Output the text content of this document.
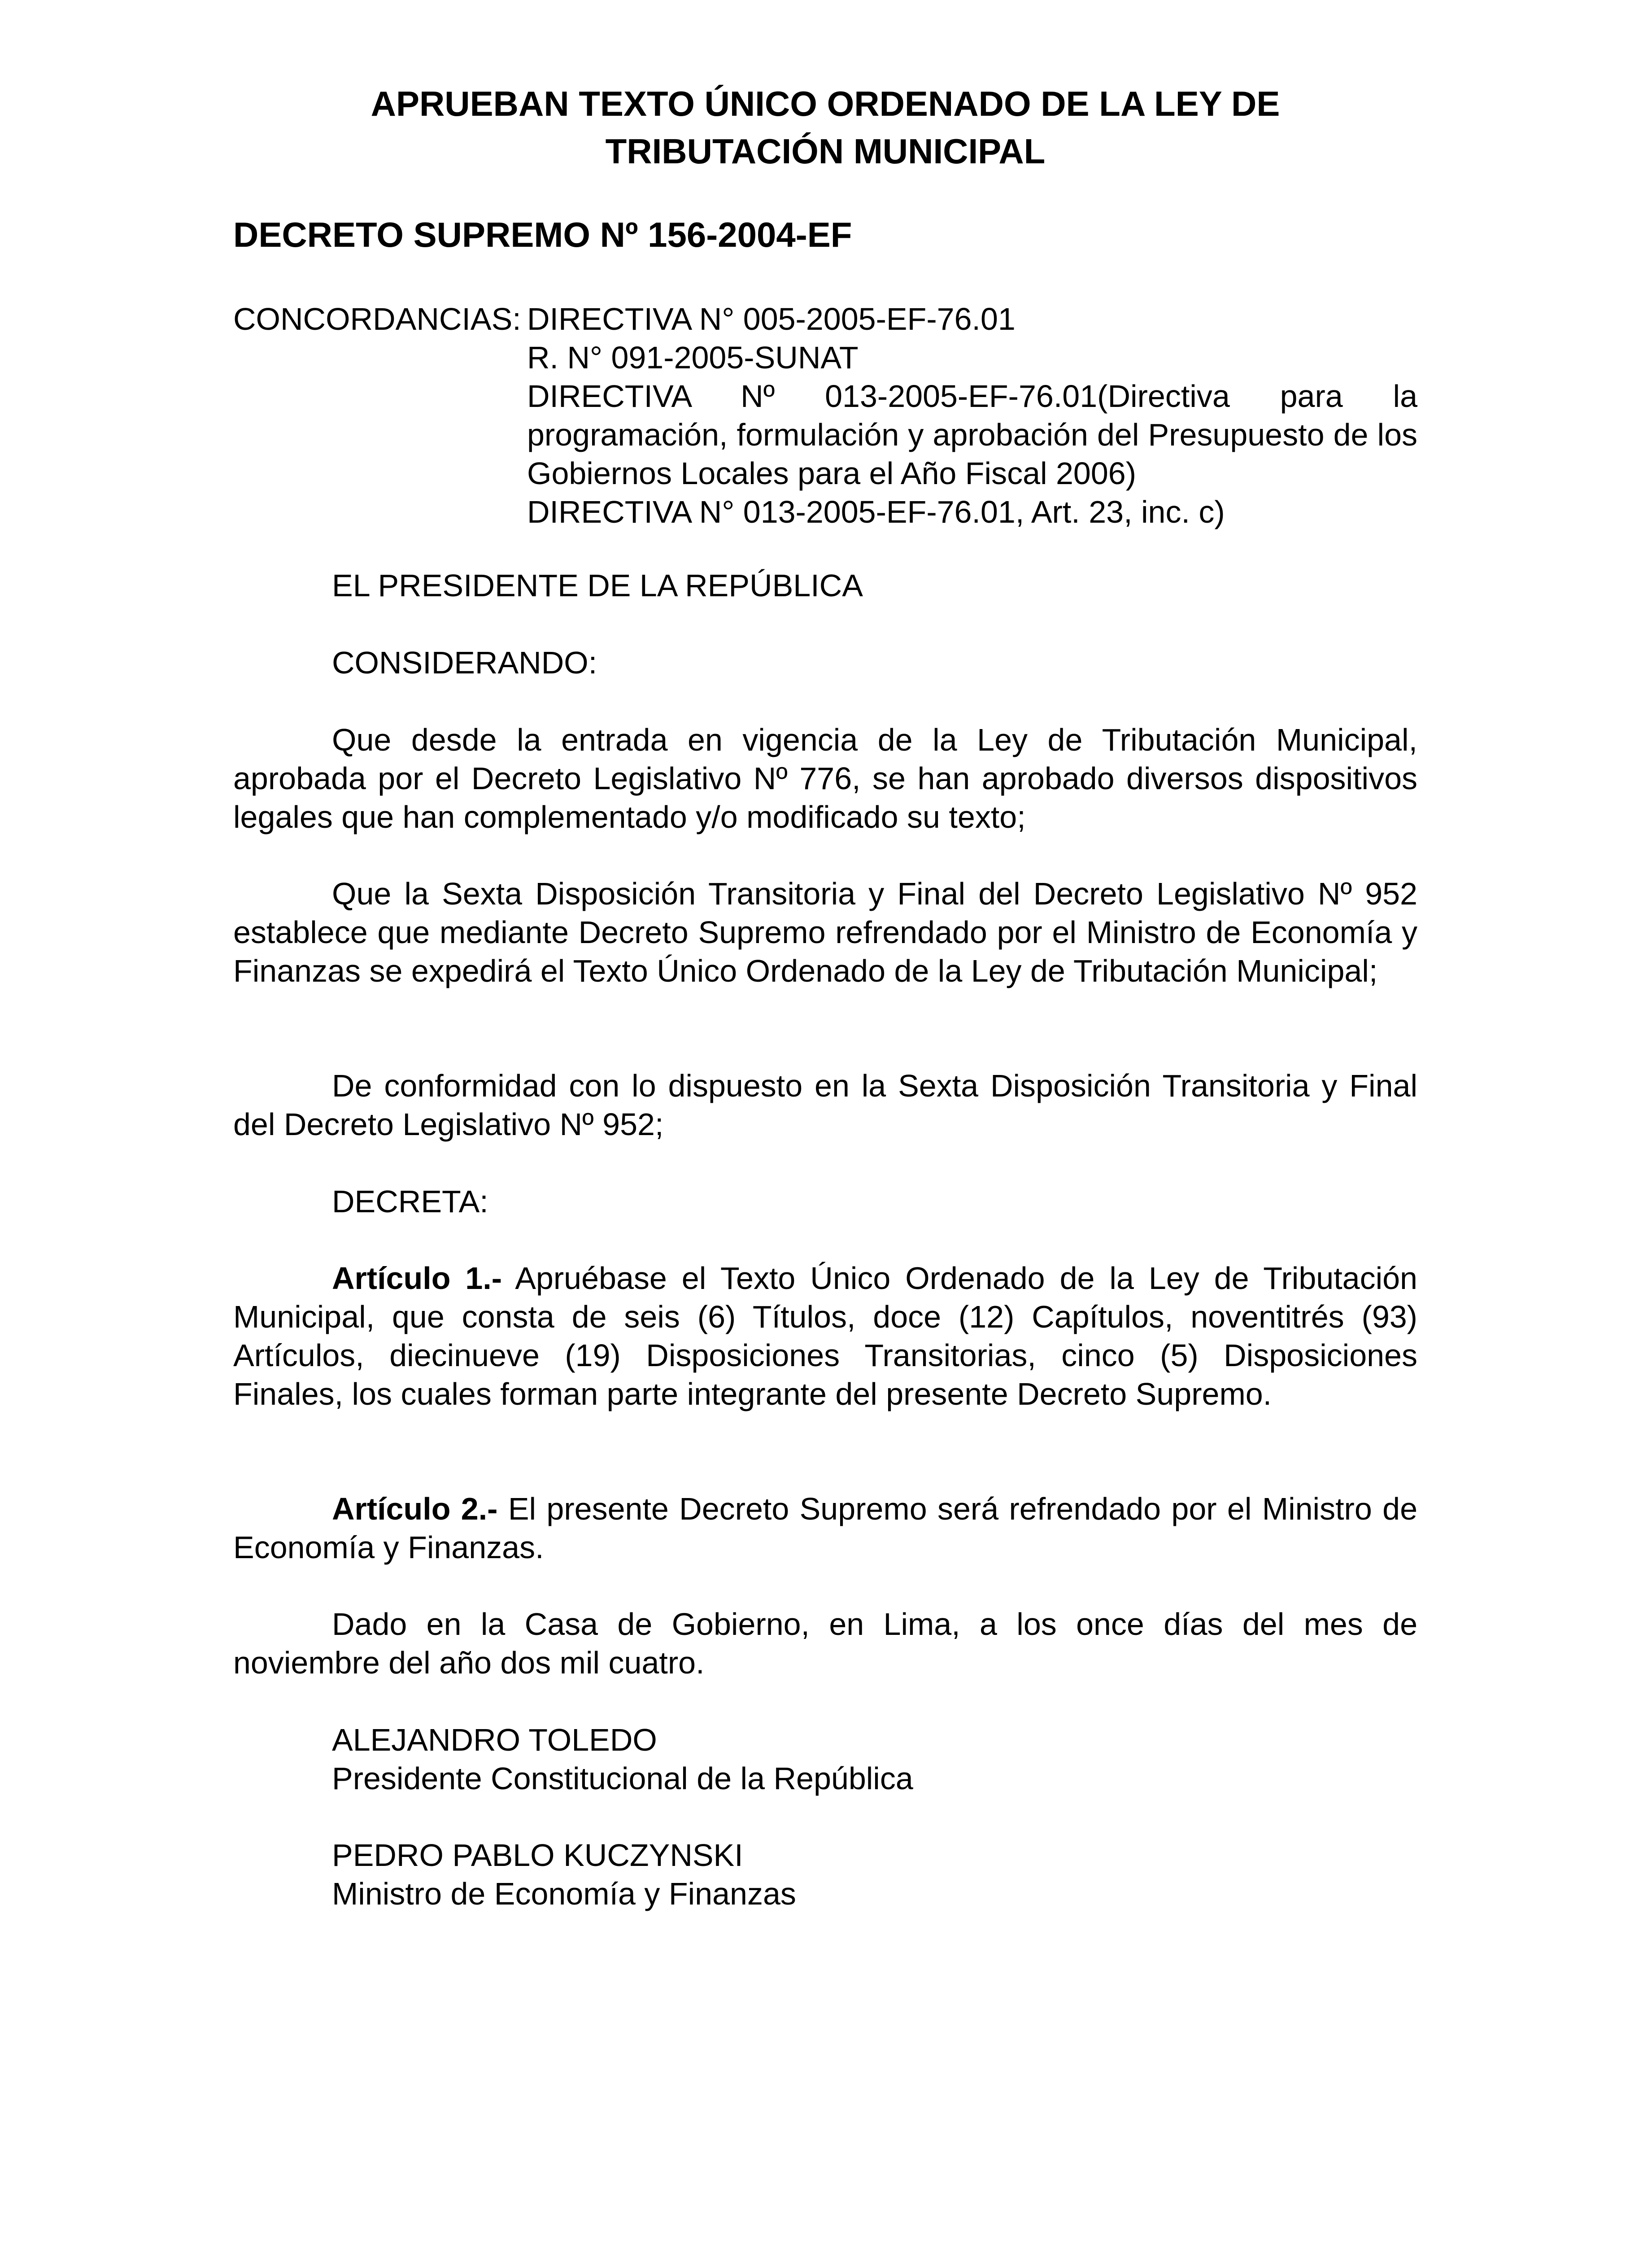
APRUEBAN TEXTO ÚNICO ORDENADO DE LA LEY DE
TRIBUTACIÓN MUNICIPAL
DECRETO SUPREMO Nº 156-2004-EF
CONCORDANCIAS: DIRECTIVA N° 005-2005-EF-76.01

R. N° 091-2005-SUNAT

DIRECTIVA Nº 013-2005-EF-76.01(Directiva para la programación, formulación y aprobación del Presupuesto de los Gobiernos Locales para el Año Fiscal 2006)

DIRECTIVA N° 013-2005-EF-76.01, Art. 23, inc. c)

EL PRESIDENTE DE LA REPÚBLICA
CONSIDERANDO:

Que desde la entrada en vigencia de la Ley de Tributación Municipal, aprobada por el Decreto Legislativo Nº 776, se han aprobado diversos dispositivos legales que han complementado y/o modificado su texto;

Que la Sexta Disposición Transitoria y Final del Decreto Legislativo Nº 952 establece que mediante Decreto Supremo refrendado por el Ministro de Economía y Finanzas se expedirá el Texto Único Ordenado de la Ley de Tributación Municipal;

De conformidad con lo dispuesto en la Sexta Disposición Transitoria y Final del Decreto Legislativo Nº 952;

DECRETA:

Artículo 1.- Apruébase el Texto Único Ordenado de la Ley de Tributación Municipal, que consta de seis (6) Títulos, doce (12) Capítulos, noventitrés (93) Artículos, diecinueve (19) Disposiciones Transitorias, cinco (5) Disposiciones Finales, los cuales forman parte integrante del presente Decreto Supremo.

Artículo 2.- El presente Decreto Supremo será refrendado por el Ministro de Economía y Finanzas.

Dado en la Casa de Gobierno, en Lima, a los once días del mes de noviembre del año dos mil cuatro.

ALEJANDRO TOLEDO
Presidente Constitucional de la República
PEDRO PABLO KUCZYNSKI
Ministro de Economía y Finanzas
